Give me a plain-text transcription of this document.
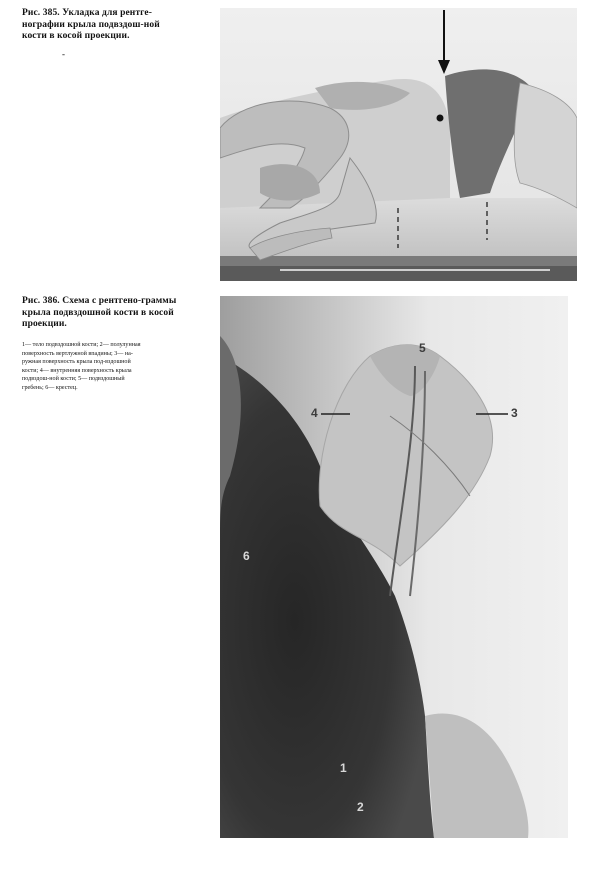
Рис. 385. Укладка для рентге-нографии крыла подвздош-ной кости в косой проекции.
-
Рис. 386. Схема с рентгено-граммы крыла подвздошной кости в косой проекции.
1— тело подвздошной кости; 2— полулунная поверхность вертлужной впадины; 3— на-ружная поверхность крыла под-вздошной кости; 4— внутренняя поверхность крыла подвздош-ной кости; 5— подвздошный гребень; 6— крестец.
5
4	3
6
1
2
